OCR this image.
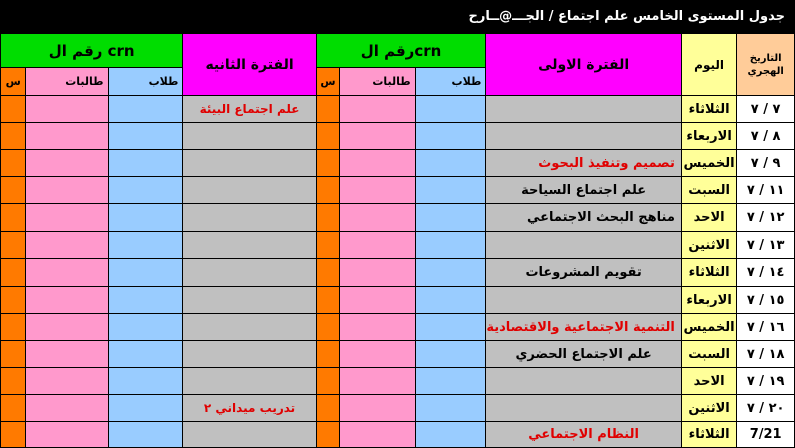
جدول المستوى الخامس علم اجتماع / الجـــ@ــارح
رقم ال crn			الفترة الثانيه	رقم الcrn			الفترة الاولى	اليوم	التاريخ الهجري
س	طالبات	طلاب		س	طالبات	طلاب			
			علم اجتماع البيئة					الثلاثاء	٧ / ٧
								الاربعاء	٨ / ٧
							تصميم وتنفيذ البحوث	الخميس	٩ / ٧
							علم اجتماع السياحة	السبت	١١ / ٧
							مناهج البحث الاجتماعي	الاحد	١٢ / ٧
								الاثنين	١٣ / ٧
							تقويم المشروعات	الثلاثاء	١٤ / ٧
								الاربعاء	١٥ / ٧
							التنمية الاجتماعية والاقتصادية	الخميس	١٦ / ٧
							علم الاجتماع الحضري	السبت	١٨ / ٧
								الاحد	١٩ / ٧
			تدريب ميداني ٢					الاثنين	٢٠ / ٧
							النظام الاجتماعي	الثلاثاء	7/21
